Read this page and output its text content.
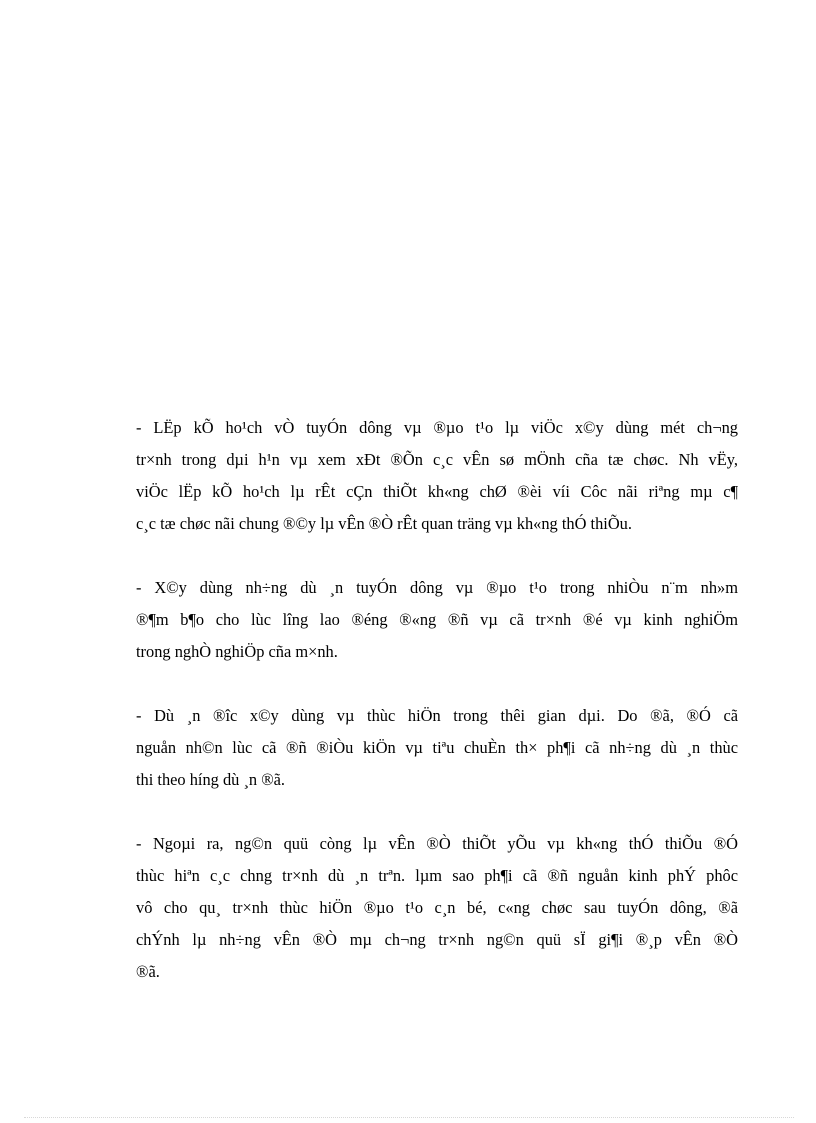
- LËp kÕ ho¹ch vÒ tuyÓn dông vµ ®µo t¹o lµ viÖc x©y dùng mét ch¬ng
tr×nh trong dµi h¹n vµ xem xÐt ®Õn c¸c vÊn sø mÖnh cña tæ chøc. Nh vËy,
viÖc lËp kÕ ho¹ch lµ rÊt cÇn thiÕt kh«ng chØ ®èi víi Côc nãi riªng mµ c¶
c¸c tæ chøc nãi chung ®©y lµ vÊn ®Ò rÊt quan träng vµ kh«ng thÓ thiÕu.

- X©y dùng nh÷ng dù ¸n tuyÓn dông vµ ®µo t¹o trong nhiÒu n¨m nh»m
®¶m b¶o cho lùc lîng lao ®éng ®«ng ®ñ vµ cã tr×nh ®é vµ kinh nghiÖm
trong nghÒ nghiÖp cña m×nh.

- Dù ¸n ®îc x©y dùng vµ thùc hiÖn trong thêi gian dµi. Do ®ã, ®Ó cã
nguån nh©n lùc cã ®ñ ®iÒu kiÖn vµ tiªu chuÈn th× ph¶i cã nh÷ng dù ¸n thùc
thi theo híng dù ¸n ®ã.

- Ngoµi ra, ng©n quü còng lµ vÊn ®Ò thiÕt yÕu vµ kh«ng thÓ thiÕu ®Ó
thùc hiªn c¸c chng tr×nh dù ¸n trªn. lµm sao ph¶i cã ®ñ nguån kinh phÝ phôc
vô cho qu¸ tr×nh thùc hiÖn ®µo t¹o c¸n bé, c«ng chøc sau tuyÓn dông, ®ã
chÝnh lµ nh÷ng vÊn ®Ò mµ ch¬ng tr×nh ng©n quü sÏ gi¶i ®¸p vÊn ®Ò
®ã.
